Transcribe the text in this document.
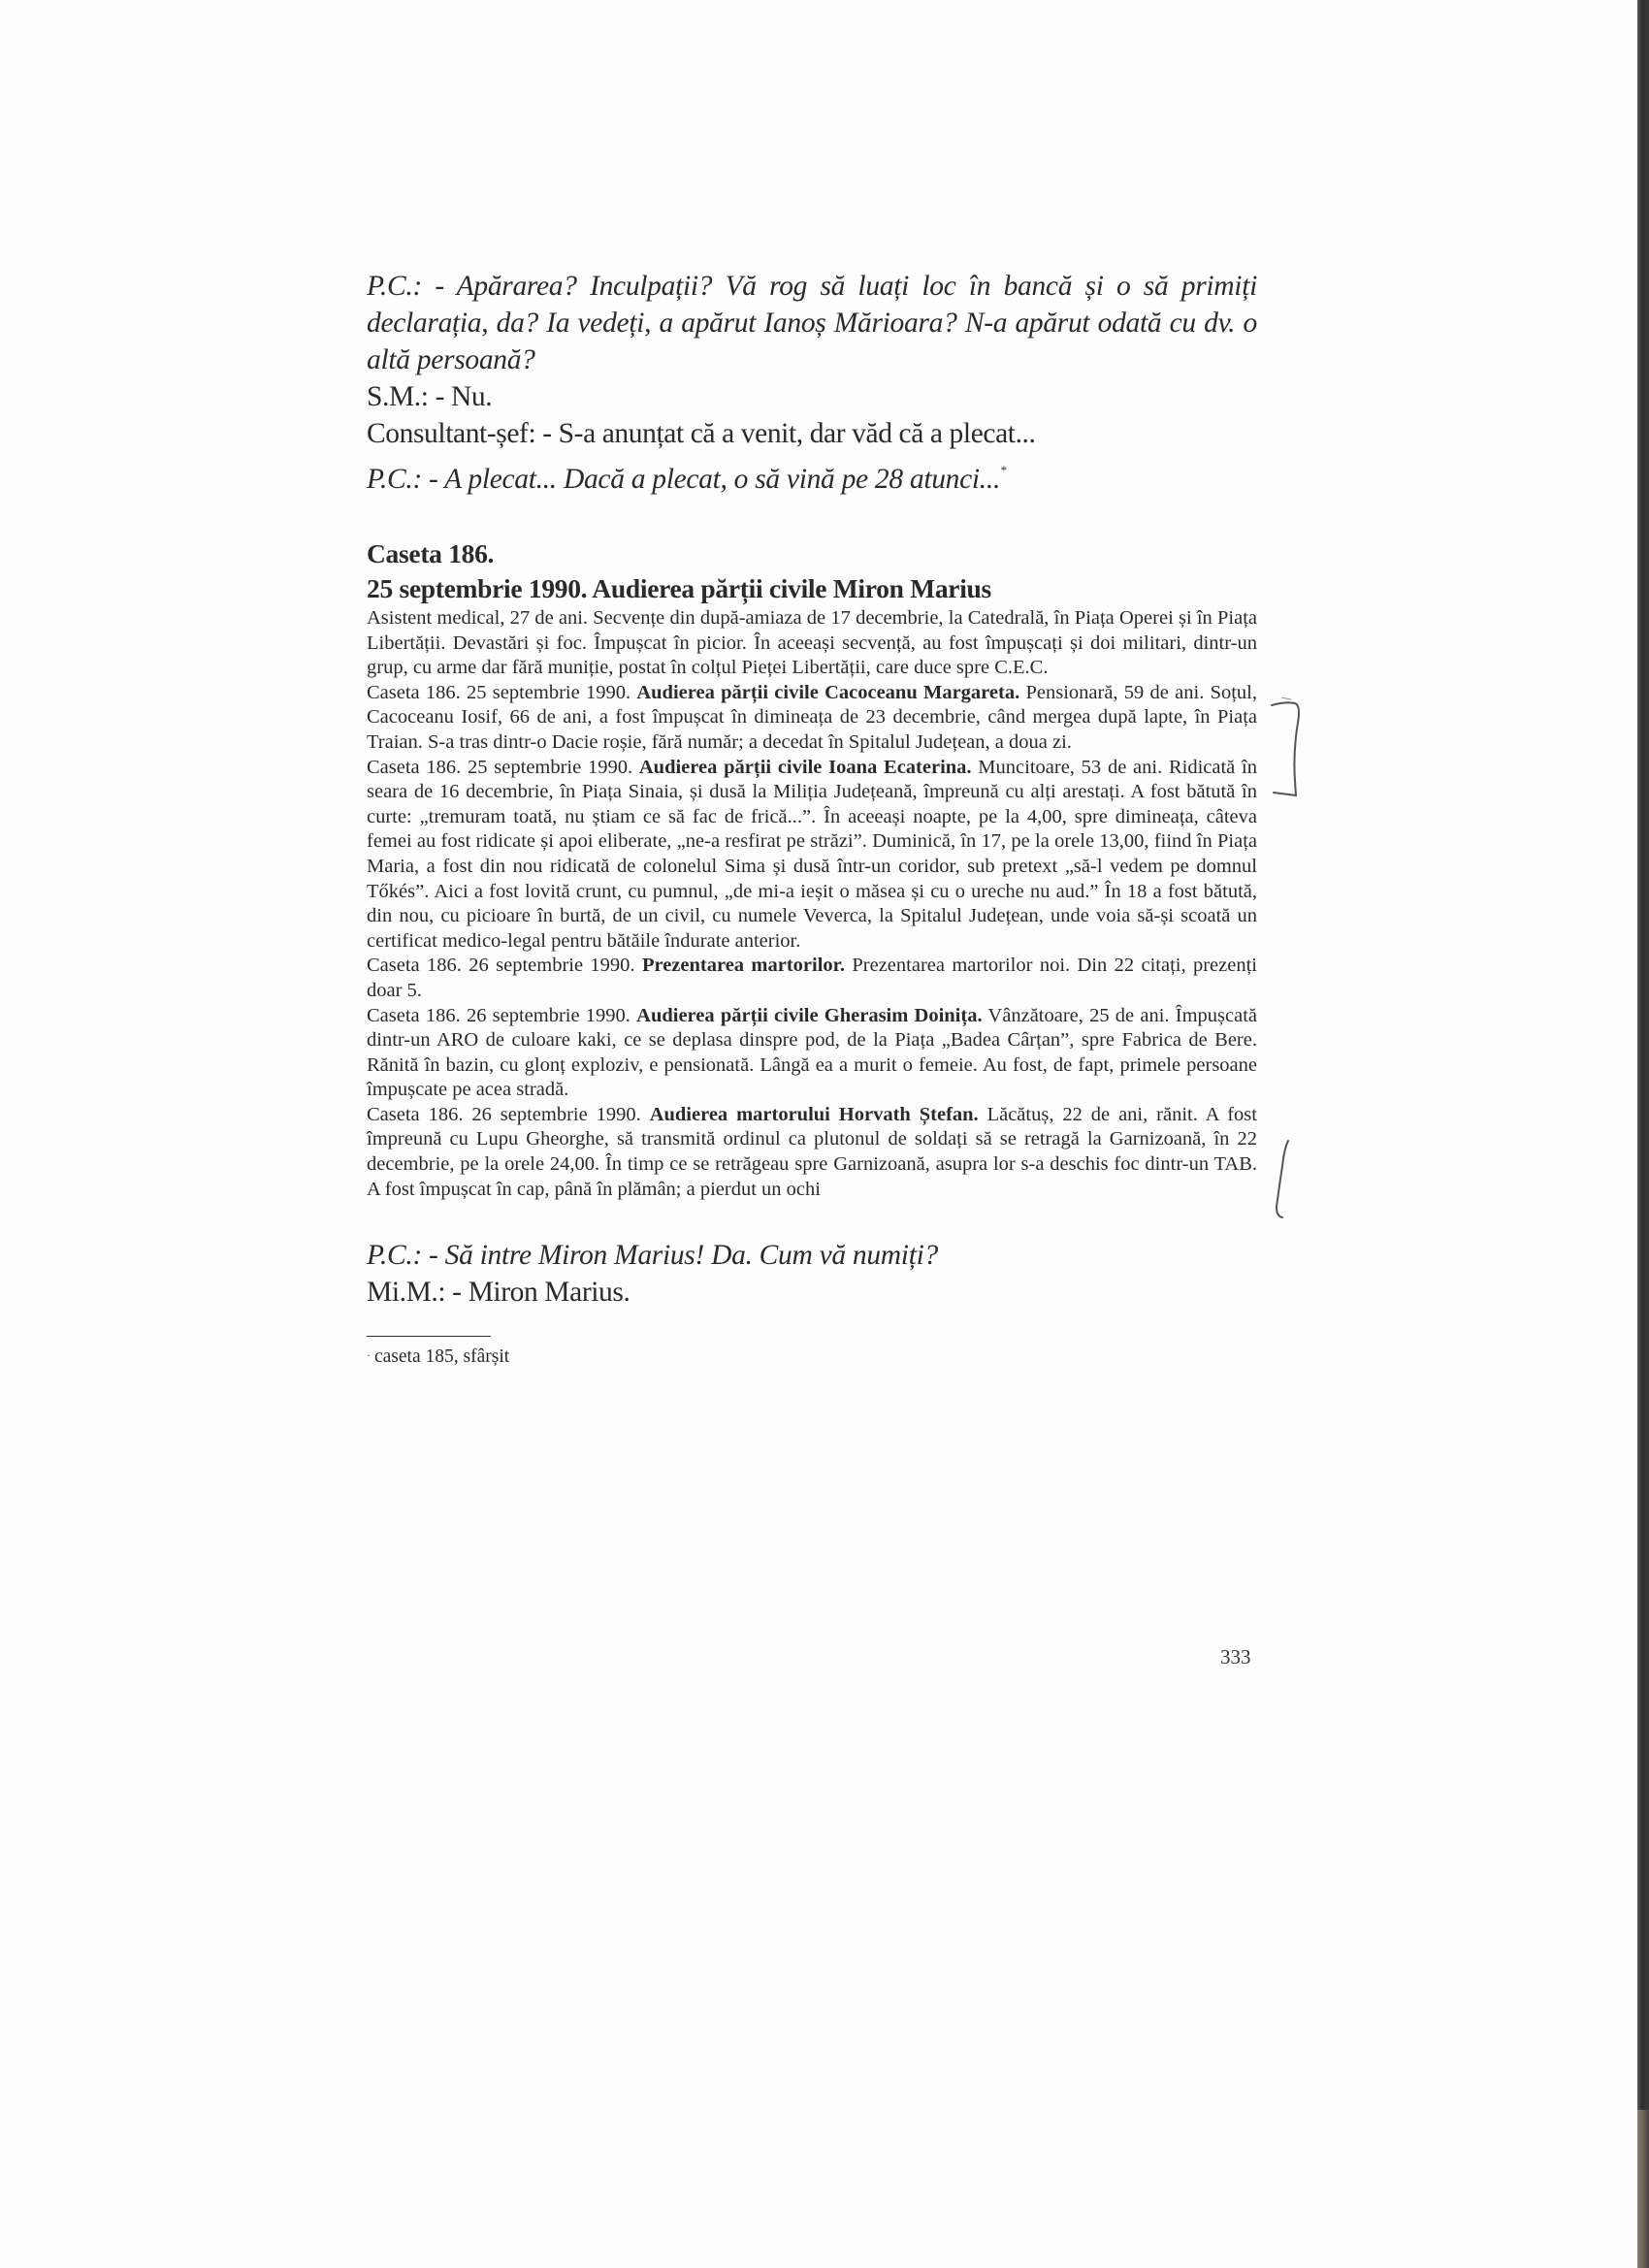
P.C.: - Apărarea? Inculpații? Vă rog să luați loc în bancă și o să primiți declarația, da? Ia vedeți, a apărut Ianoș Mărioara? N-a apărut odată cu dv. o altă persoană?

S.M.: - Nu.

Consultant-șef: - S-a anunțat că a venit, dar văd că a plecat...

P.C.: - A plecat... Dacă a plecat, o să vină pe 28 atunci...*

Caseta 186.
25 septembrie 1990. Audierea părții civile Miron Marius

Asistent medical, 27 de ani. Secvențe din după-amiaza de 17 decembrie, la Catedrală, în Piața Operei și în Piața Libertății. Devastări și foc. Împușcat în picior. În aceeași secvență, au fost împușcați și doi militari, dintr-un grup, cu arme dar fără muniție, postat în colțul Pieței Libertății, care duce spre C.E.C.

Caseta 186. 25 septembrie 1990. Audierea părții civile Cacoceanu Margareta. Pensionară, 59 de ani. Soțul, Cacoceanu Iosif, 66 de ani, a fost împușcat în dimineața de 23 decembrie, când mergea după lapte, în Piața Traian. S-a tras dintr-o Dacie roșie, fără număr; a decedat în Spitalul Județean, a doua zi.

Caseta 186. 25 septembrie 1990. Audierea părții civile Ioana Ecaterina. Muncitoare, 53 de ani. Ridicată în seara de 16 decembrie, în Piața Sinaia, și dusă la Miliția Județeană, împreună cu alți arestați. A fost bătută în curte: „tremuram toată, nu știam ce să fac de frică...”. În aceeași noapte, pe la 4,00, spre dimineața, câteva femei au fost ridicate și apoi eliberate, „ne-a resfirat pe străzi”. Duminică, în 17, pe la orele 13,00, fiind în Piața Maria, a fost din nou ridicată de colonelul Sima și dusă într-un coridor, sub pretext „să-l vedem pe domnul Tőkés”. Aici a fost lovită crunt, cu pumnul, „de mi-a ieșit o măsea și cu o ureche nu aud.” În 18 a fost bătută, din nou, cu picioare în burtă, de un civil, cu numele Veverca, la Spitalul Județean, unde voia să-și scoată un certificat medico-legal pentru bătăile îndurate anterior.

Caseta 186. 26 septembrie 1990. Prezentarea martorilor. Prezentarea martorilor noi. Din 22 citați, prezenți doar 5.

Caseta 186. 26 septembrie 1990. Audierea părții civile Gherasim Doinița. Vânzătoare, 25 de ani. Împușcată dintr-un ARO de culoare kaki, ce se deplasa dinspre pod, de la Piața „Badea Cârțan”, spre Fabrica de Bere. Rănită în bazin, cu glonț exploziv, e pensionată. Lângă ea a murit o femeie. Au fost, de fapt, primele persoane împușcate pe acea stradă.

Caseta 186. 26 septembrie 1990. Audierea martorului Horvath Ștefan. Lăcătuș, 22 de ani, rănit. A fost împreună cu Lupu Gheorghe, să transmită ordinul ca plutonul de soldați să se retragă la Garnizoană, în 22 decembrie, pe la orele 24,00. În timp ce se retrăgeau spre Garnizoană, asupra lor s-a deschis foc dintr-un TAB. A fost împușcat în cap, până în plămân; a pierdut un ochi

P.C.: - Să intre Miron Marius! Da. Cum vă numiți?

Mi.M.: - Miron Marius.

· caseta 185, sfârșit
333
